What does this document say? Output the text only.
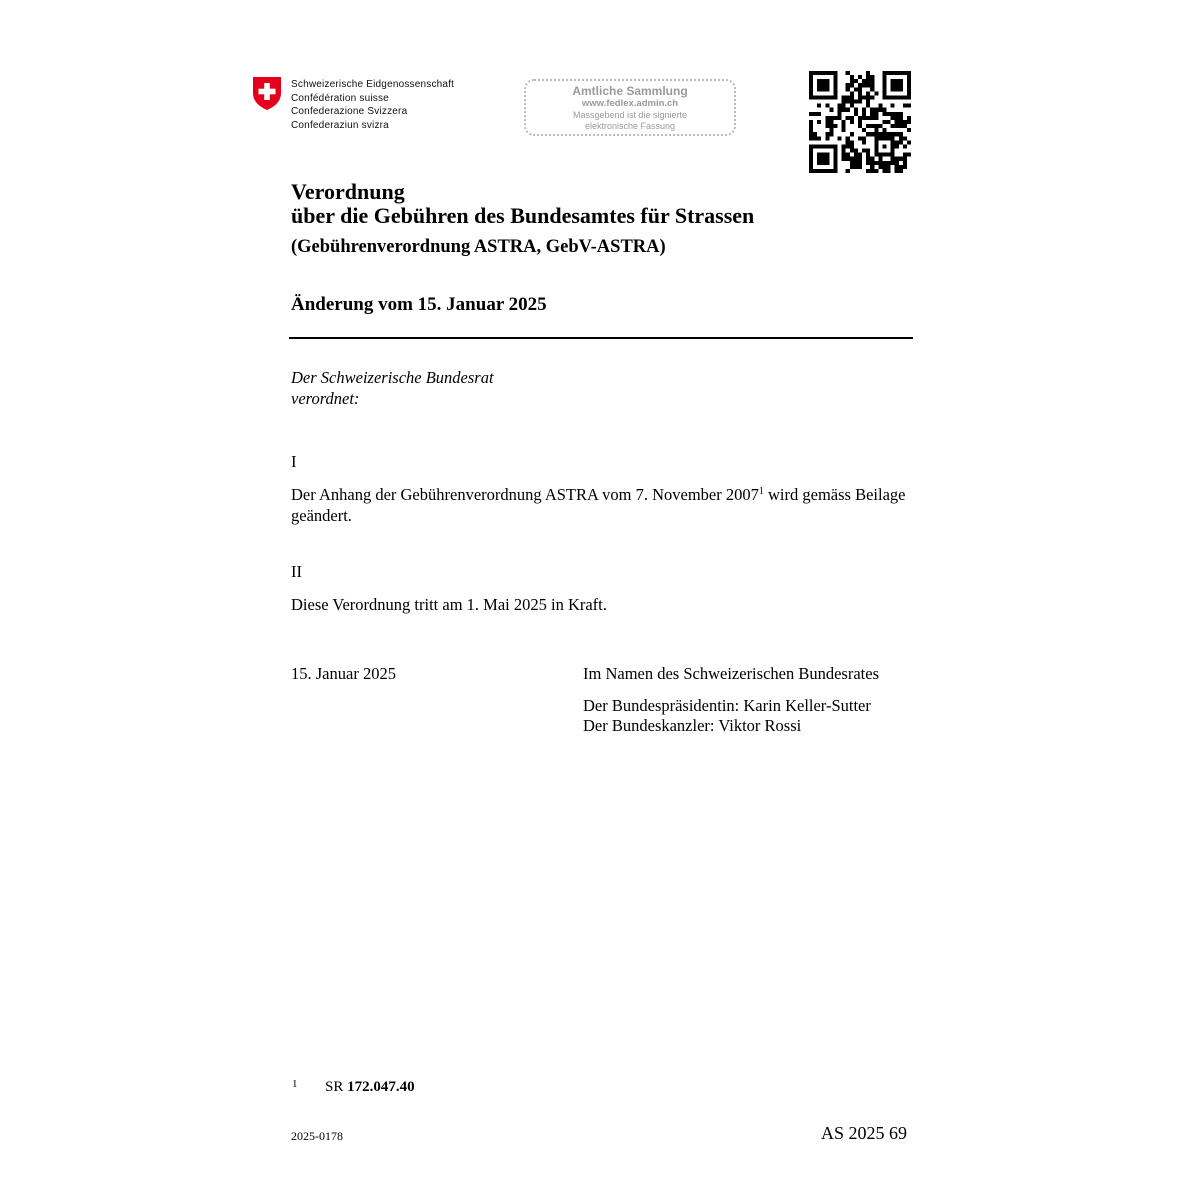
Schweizerische Eidgenossenschaft
Confédération suisse
Confederazione Svizzera
Confederaziun svizra
Amtliche Sammlung
www.fedlex.admin.ch
Massgebend ist die signierte
elektronische Fassung
Verordnung
über die Gebühren des Bundesamtes für Strassen
(Gebührenverordnung ASTRA, GebV-ASTRA)
Änderung vom 15. Januar 2025
Der Schweizerische Bundesrat
verordnet:
I
Der Anhang der Gebührenverordnung ASTRA vom 7. November 2007$^1$ wird gemäss Beilage geändert.
II
Diese Verordnung tritt am 1. Mai 2025 in Kraft.
15. Januar 2025	Im Namen des Schweizerischen Bundesrates
Der Bundespräsidentin: Karin Keller-Sutter
Der Bundeskanzler: Viktor Rossi
1 SR 172.047.40
2025-0178	AS 2025 69
